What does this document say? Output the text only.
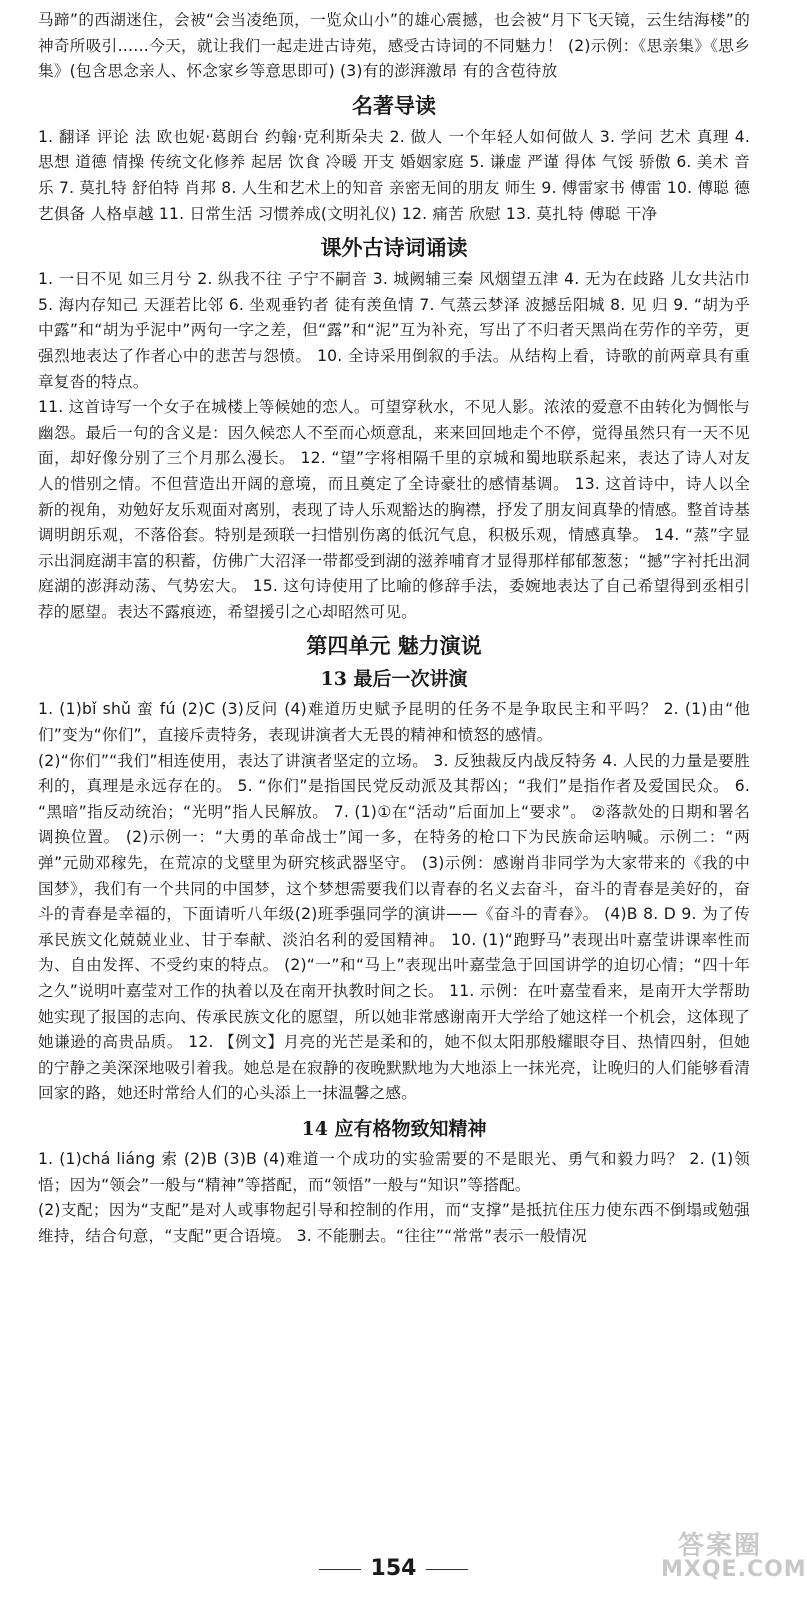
马蹄”的西湖迷住，会被“会当凌绝顶，一览众山小”的雄心震撼，也会被“月下飞天镜，云生结海楼”的神奇所吸引……今天，就让我们一起走进古诗苑，感受古诗词的不同魅力！ (2)示例：《思亲集》《思乡集》(包含思念亲人、怀念家乡等意思即可) (3)有的澎湃激昂 有的含苞待放

名著导读

1. 翻译 评论 法 欧也妮·葛朗台 约翰·克利斯朵夫 2. 做人 一个年轻人如何做人 3. 学问 艺术 真理 4. 思想 道德 情操 传统文化修养 起居 饮食 冷暖 开支 婚姻家庭 5. 谦虚 严谨 得体 气馁 骄傲 6. 美术 音乐 7. 莫扎特 舒伯特 肖邦 8. 人生和艺术上的知音 亲密无间的朋友 师生 9. 傅雷家书 傅雷 10. 傅聪 德艺俱备 人格卓越 11. 日常生活 习惯养成(文明礼仪) 12. 痛苦 欣慰 13. 莫扎特 傅聪 干净

课外古诗词诵读

1. 一日不见 如三月兮 2. 纵我不往 子宁不嗣音 3. 城阙辅三秦 风烟望五津 4. 无为在歧路 儿女共沾巾 5. 海内存知己 天涯若比邻 6. 坐观垂钓者 徒有羡鱼情 7. 气蒸云梦泽 波撼岳阳城 8. 见 归 9. “胡为乎中露”和“胡为乎泥中”两句一字之差，但“露”和“泥”互为补充，写出了不归者天黑尚在劳作的辛劳，更强烈地表达了作者心中的悲苦与怨愤。 10. 全诗采用倒叙的手法。从结构上看，诗歌的前两章具有重章复沓的特点。

11. 这首诗写一个女子在城楼上等候她的恋人。可望穿秋水，不见人影。浓浓的爱意不由转化为惆怅与幽怨。最后一句的含义是：因久候恋人不至而心烦意乱，来来回回地走个不停，觉得虽然只有一天不见面，却好像分别了三个月那么漫长。 12. “望”字将相隔千里的京城和蜀地联系起来，表达了诗人对友人的惜别之情。不但营造出开阔的意境，而且奠定了全诗豪壮的感情基调。 13. 这首诗中，诗人以全新的视角，劝勉好友乐观面对离别，表现了诗人乐观豁达的胸襟，抒发了朋友间真挚的情感。整首诗基调明朗乐观，不落俗套。特别是颈联一扫惜别伤离的低沉气息，积极乐观，情感真挚。 14. “蒸”字显示出洞庭湖丰富的积蓄，仿佛广大沼泽一带都受到湖的滋养哺育才显得那样郁郁葱葱；“撼”字衬托出洞庭湖的澎湃动荡、气势宏大。 15. 这句诗使用了比喻的修辞手法，委婉地表达了自己希望得到丞相引荐的愿望。表达不露痕迹，希望援引之心却昭然可见。

第四单元 魅力演说
13 最后一次讲演

1. (1)bǐ shǔ 蛮 fú (2)C (3)反问 (4)难道历史赋予昆明的任务不是争取民主和平吗？ 2. (1)由“他们”变为“你们”，直接斥责特务，表现讲演者大无畏的精神和愤怒的感情。

(2)“你们”“我们”相连使用，表达了讲演者坚定的立场。 3. 反独裁反内战反特务 4. 人民的力量是要胜利的，真理是永远存在的。 5. “你们”是指国民党反动派及其帮凶；“我们”是指作者及爱国民众。 6. “黑暗”指反动统治；“光明”指人民解放。 7. (1)①在“活动”后面加上“要求”。 ②落款处的日期和署名调换位置。 (2)示例一：“大勇的革命战士”闻一多，在特务的枪口下为民族命运呐喊。示例二：“两弹”元勋邓稼先，在荒凉的戈壁里为研究核武器坚守。 (3)示例：感谢肖非同学为大家带来的《我的中国梦》，我们有一个共同的中国梦，这个梦想需要我们以青春的名义去奋斗，奋斗的青春是美好的，奋斗的青春是幸福的，下面请听八年级(2)班季强同学的演讲——《奋斗的青春》。 (4)B 8. D 9. 为了传承民族文化兢兢业业、甘于奉献、淡泊名利的爱国精神。 10. (1)“跑野马”表现出叶嘉莹讲课率性而为、自由发挥、不受约束的特点。 (2)“一”和“马上”表现出叶嘉莹急于回国讲学的迫切心情；“四十年之久”说明叶嘉莹对工作的执着以及在南开执教时间之长。 11. 示例：在叶嘉莹看来，是南开大学帮助她实现了报国的志向、传承民族文化的愿望，所以她非常感谢南开大学给了她这样一个机会，这体现了她谦逊的高贵品质。 12. 【例文】月亮的光芒是柔和的，她不似太阳那般耀眼夺目、热情四射，但她的宁静之美深深地吸引着我。她总是在寂静的夜晚默默地为大地添上一抹光亮，让晚归的人们能够看清回家的路，她还时常给人们的心头添上一抹温馨之感。

14 应有格物致知精神

1. (1)chá liáng 索 (2)B (3)B (4)难道一个成功的实验需要的不是眼光、勇气和毅力吗？ 2. (1)领悟；因为“领会”一般与“精神”等搭配，而“领悟”一般与“知识”等搭配。

(2)支配；因为“支配”是对人或事物起引导和控制的作用，而“支撑”是抵抗住压力使东西不倒塌或勉强维持，结合句意，“支配”更合语境。 3. 不能删去。“往往”“常常”表示一般情况

154
答案圈
MXQE.COM
